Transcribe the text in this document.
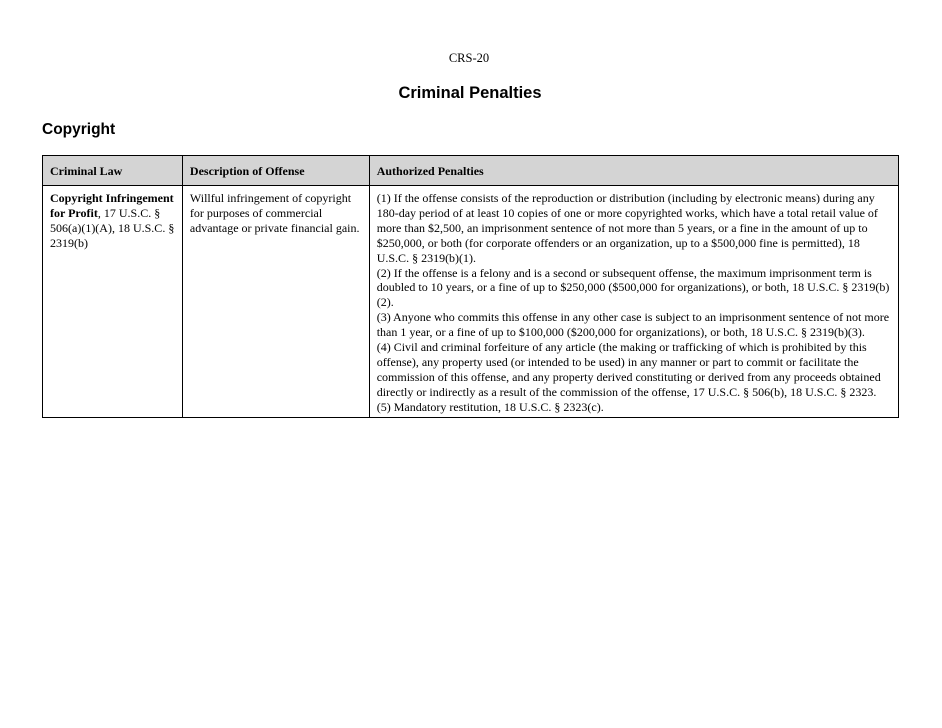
CRS-20
Criminal Penalties
Copyright
Criminal Law	Description of Offense	Authorized Penalties
Copyright Infringement for Profit, 17 U.S.C. § 506(a)(1)(A), 18 U.S.C. § 2319(b)	Willful infringement of copyright for purposes of commercial advantage or private financial gain.	(1) If the offense consists of the reproduction or distribution (including by electronic means) during any 180-day period of at least 10 copies of one or more copyrighted works, which have a total retail value of more than $2,500, an imprisonment sentence of not more than 5 years, or a fine in the amount of up to $250,000, or both (for corporate offenders or an organization, up to a $500,000 fine is permitted), 18 U.S.C. § 2319(b)(1).
(2) If the offense is a felony and is a second or subsequent offense, the maximum imprisonment term is doubled to 10 years, or a fine of up to $250,000 ($500,000 for organizations), or both, 18 U.S.C. § 2319(b)(2).
(3) Anyone who commits this offense in any other case is subject to an imprisonment sentence of not more than 1 year, or a fine of up to $100,000 ($200,000 for organizations), or both, 18 U.S.C. § 2319(b)(3).
(4) Civil and criminal forfeiture of any article (the making or trafficking of which is prohibited by this offense), any property used (or intended to be used) in any manner or part to commit or facilitate the commission of this offense, and any property derived constituting or derived from any proceeds obtained directly or indirectly as a result of the commission of the offense, 17 U.S.C. § 506(b), 18 U.S.C. § 2323.
(5) Mandatory restitution, 18 U.S.C. § 2323(c).
